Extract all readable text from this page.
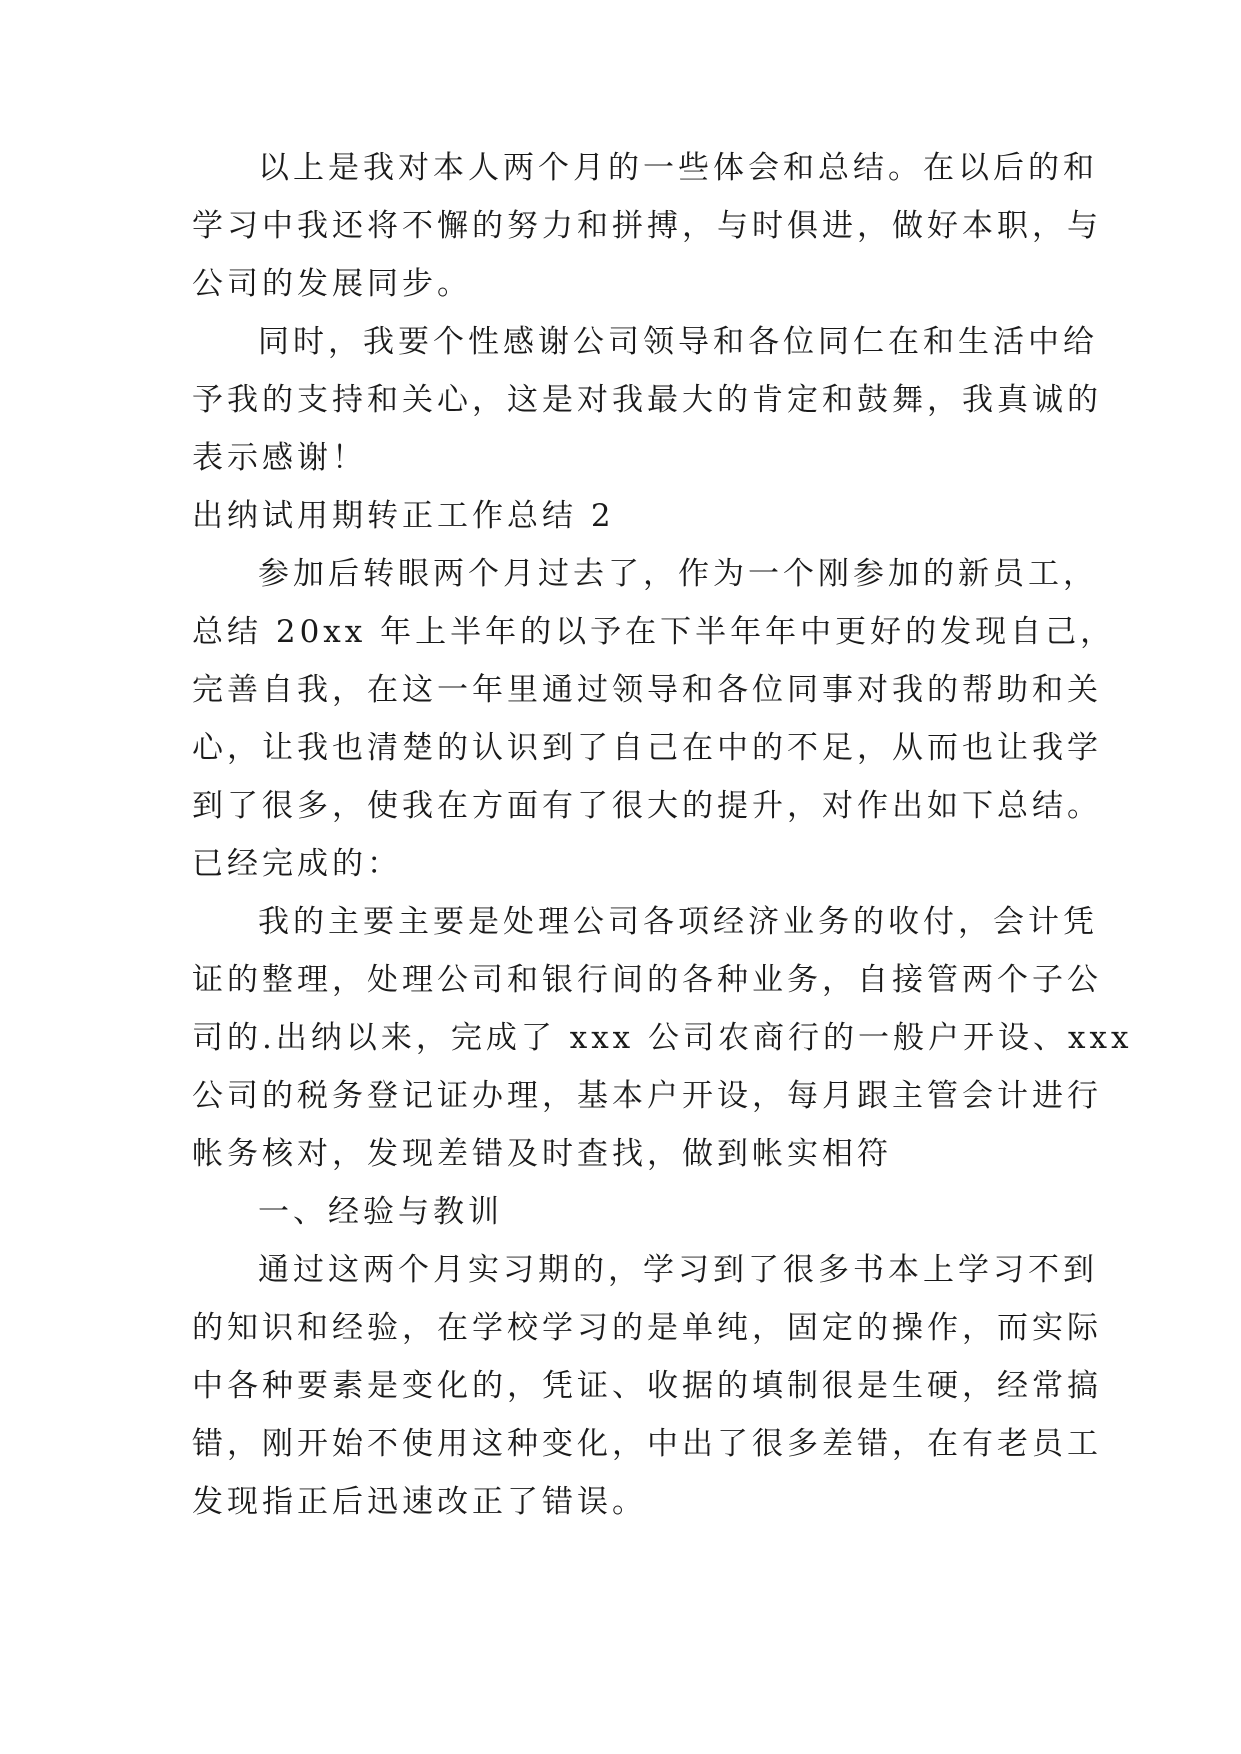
以上是我对本人两个月的一些体会和总结。在以后的和
学习中我还将不懈的努力和拼搏，与时俱进，做好本职，与
公司的发展同步。
同时，我要个性感谢公司领导和各位同仁在和生活中给
予我的支持和关心，这是对我最大的肯定和鼓舞，我真诚的
表示感谢！
出纳试用期转正工作总结 2
参加后转眼两个月过去了，作为一个刚参加的新员工，
总结 20xx 年上半年的以予在下半年年中更好的发现自己，
完善自我，在这一年里通过领导和各位同事对我的帮助和关
心，让我也清楚的认识到了自己在中的不足，从而也让我学
到了很多，使我在方面有了很大的提升，对作出如下总结。
已经完成的：
我的主要主要是处理公司各项经济业务的收付，会计凭
证的整理，处理公司和银行间的各种业务，自接管两个子公
司的.出纳以来，完成了 xxx 公司农商行的一般户开设、xxx
公司的税务登记证办理，基本户开设，每月跟主管会计进行
帐务核对，发现差错及时查找，做到帐实相符
一、经验与教训
通过这两个月实习期的，学习到了很多书本上学习不到
的知识和经验，在学校学习的是单纯，固定的操作，而实际
中各种要素是变化的，凭证、收据的填制很是生硬，经常搞
错，刚开始不使用这种变化，中出了很多差错，在有老员工
发现指正后迅速改正了错误。
